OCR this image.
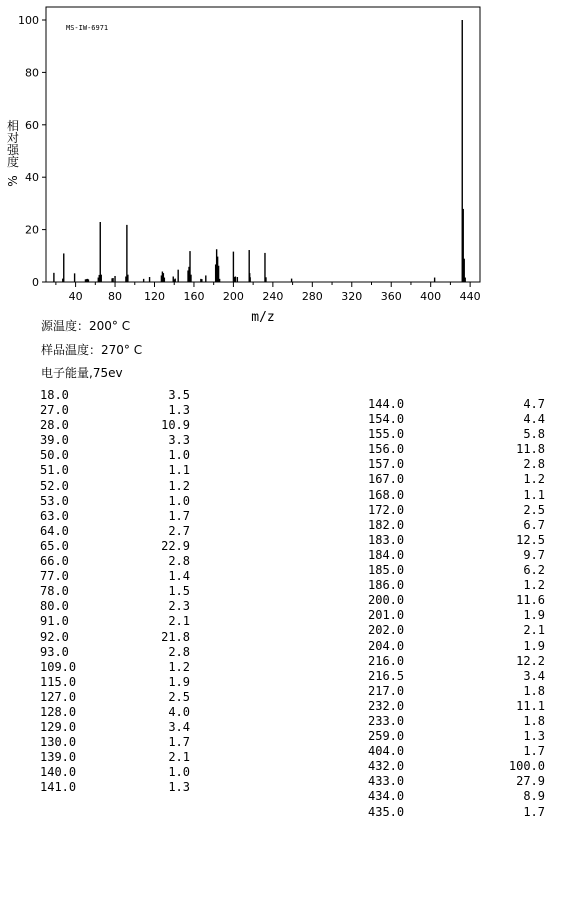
MS-IW-6971
0
20
40
60
80
100
40 80 120 160 200 240 280 320 360 400 440
相
对
强
度
%
m/z
源温度：200° C
样品温度：270° C
电子能量,75ev
18.0	3.5
27.0	1.3
28.0	10.9
39.0	3.3
50.0	1.0
51.0	1.1
52.0	1.2
53.0	1.0
63.0	1.7
64.0	2.7
65.0	22.9
66.0	2.8
77.0	1.4
78.0	1.5
80.0	2.3
91.0	2.1
92.0	21.8
93.0	2.8
109.0	1.2
115.0	1.9
127.0	2.5
128.0	4.0
129.0	3.4
130.0	1.7
139.0	2.1
140.0	1.0
141.0	1.3
144.0	4.7
154.0	4.4
155.0	5.8
156.0	11.8
157.0	2.8
167.0	1.2
168.0	1.1
172.0	2.5
182.0	6.7
183.0	12.5
184.0	9.7
185.0	6.2
186.0	1.2
200.0	11.6
201.0	1.9
202.0	2.1
204.0	1.9
216.0	12.2
216.5	3.4
217.0	1.8
232.0	11.1
233.0	1.8
259.0	1.3
404.0	1.7
432.0	100.0
433.0	27.9
434.0	8.9
435.0	1.7
